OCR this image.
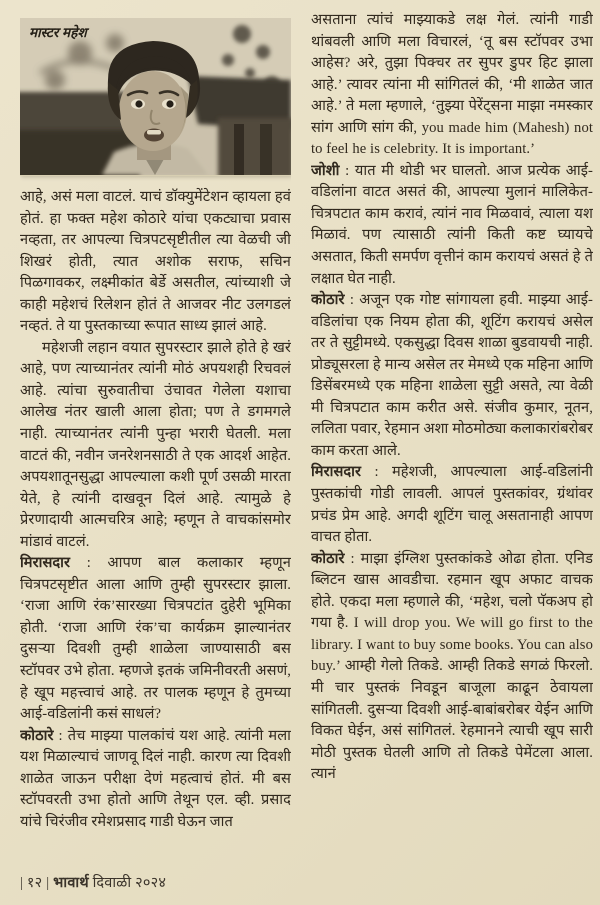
मास्टर महेश

आहे, असं मला वाटलं. याचं डॉक्युमेंटेशन व्हायला हवं होतं. हा फक्त महेश कोठारे यांचा एकट्याचा प्रवास नव्हता, तर आपल्या चित्रपटसृष्टीतील त्या वेळची जी शिखरं होती, त्यात अशोक सराफ, सचिन पिळगावकर, लक्ष्मीकांत बेर्डे असतील, त्यांच्याशी जे काही महेशचं रिलेशन होतं ते आजवर नीट उलगडलं नव्हतं. ते या पुस्तकाच्या रूपात साध्य झालं आहे.

महेशजी लहान वयात सुपरस्टार झाले होते हे खरं आहे, पण त्याच्यानंतर त्यांनी मोठं अपयशही रिचवलं आहे. त्यांचा सुरुवातीचा उंचावत गेलेला यशाचा आलेख नंतर खाली आला होता; पण ते डगमगले नाही. त्याच्यानंतर त्यांनी पुन्हा भरारी घेतली. मला वाटतं की, नवीन जनरेशनसाठी ते एक आदर्श आहेत. अपयशातूनसुद्धा आपल्याला कशी पूर्ण उसळी मारता येते, हे त्यांनी दाखवून दिलं आहे. त्यामुळे हे प्रेरणादायी आत्मचरित्र आहे; म्हणून ते वाचकांसमोर मांडावं वाटलं.

मिरासदार : आपण बाल कलाकार म्हणून चित्रपटसृष्टीत आला आणि तुम्ही सुपरस्टार झाला. ‘राजा आणि रंक’सारख्या चित्रपटांत दुहेरी भूमिका होती. ‘राजा आणि रंक’चा कार्यक्रम झाल्यानंतर दुसऱ्या दिवशी तुम्ही शाळेला जाण्यासाठी बस स्टॉपवर उभे होता. म्हणजे इतकं जमिनीवरती असणं, हे खूप महत्त्वाचं आहे. तर पालक म्हणून हे तुमच्या आई-वडिलांनी कसं साधलं?

कोठारे : तेच माझ्या पालकांचं यश आहे. त्यांनी मला यश मिळाल्याचं जाणवू दिलं नाही. कारण त्या दिवशी शाळेत जाऊन परीक्षा देणं महत्वाचं होतं. मी बस स्टॉपवरती उभा होतो आणि तेथून एल. व्ही. प्रसाद यांचे चिरंजीव रमेशप्रसाद गाडी घेऊन जात

असताना त्यांचं माझ्याकडे लक्ष गेलं. त्यांनी गाडी थांबवली आणि मला विचारलं, ‘तू बस स्टॉपवर उभा आहेस? अरे, तुझा पिक्चर तर सुपर डुपर हिट झाला आहे.’ त्यावर त्यांना मी सांगितलं की, ‘मी शाळेत जात आहे.’ ते मला म्हणाले, ‘तुझ्या पेरेंट्सना माझा नमस्कार सांग आणि सांग की, you made him (Mahesh) not to feel he is celebrity. It is important.’

जोशी : यात मी थोडी भर घालतो. आज प्रत्येक आई-वडिलांना वाटत असतं की, आपल्या मुलानं मालिकेत-चित्रपटात काम करावं, त्यांनं नाव मिळवावं, त्याला यश मिळावं. पण त्यासाठी त्यांनी किती कष्ट घ्यायचे असतात, किती समर्पण वृत्तीनं काम करायचं असतं हे ते लक्षात घेत नाही.

कोठारे : अजून एक गोष्ट सांगायला हवी. माझ्या आई-वडिलांचा एक नियम होता की, शूटिंग करायचं असेल तर ते सुट्टीमध्ये. एकसुद्धा दिवस शाळा बुडवायची नाही. प्रोड्यूसरला हे मान्य असेल तर मेमध्ये एक महिना आणि डिसेंबरमध्ये एक महिना शाळेला सुट्टी असते, त्या वेळी मी चित्रपटात काम करीत असे. संजीव कुमार, नूतन, ललिता पवार, रेहमान अशा मोठमोठ्या कलाकारांबरोबर काम करता आले.

मिरासदार : महेशजी, आपल्याला आई-वडिलांनी पुस्तकांची गोडी लावली. आपलं पुस्तकांवर, ग्रंथांवर प्रचंड प्रेम आहे. अगदी शूटिंग चालू असतानाही आपण वाचत होता.

कोठारे : माझा इंग्लिश पुस्तकांकडे ओढा होता. एनिड ब्लिटन खास आवडीचा. रहमान खूप अफाट वाचक होते. एकदा मला म्हणाले की, ‘महेश, चलो पॅकअप हो गया है. I will drop you. We will go first to the library. I want to buy some books. You can also buy.’ आम्ही गेलो तिकडे. आम्ही तिकडे सगळं फिरलो. मी चार पुस्तकं निवडून बाजूला काढून ठेवायला सांगितली. दुसऱ्या दिवशी आई-बाबांबरोबर येईन आणि विकत घेईन, असं सांगितलं. रेहमानने त्याची खूप सारी मोठी पुस्तक घेतली आणि तो तिकडे पेमेंटला आला. त्यानं

| १२ | भावार्थ दिवाळी २०२४
